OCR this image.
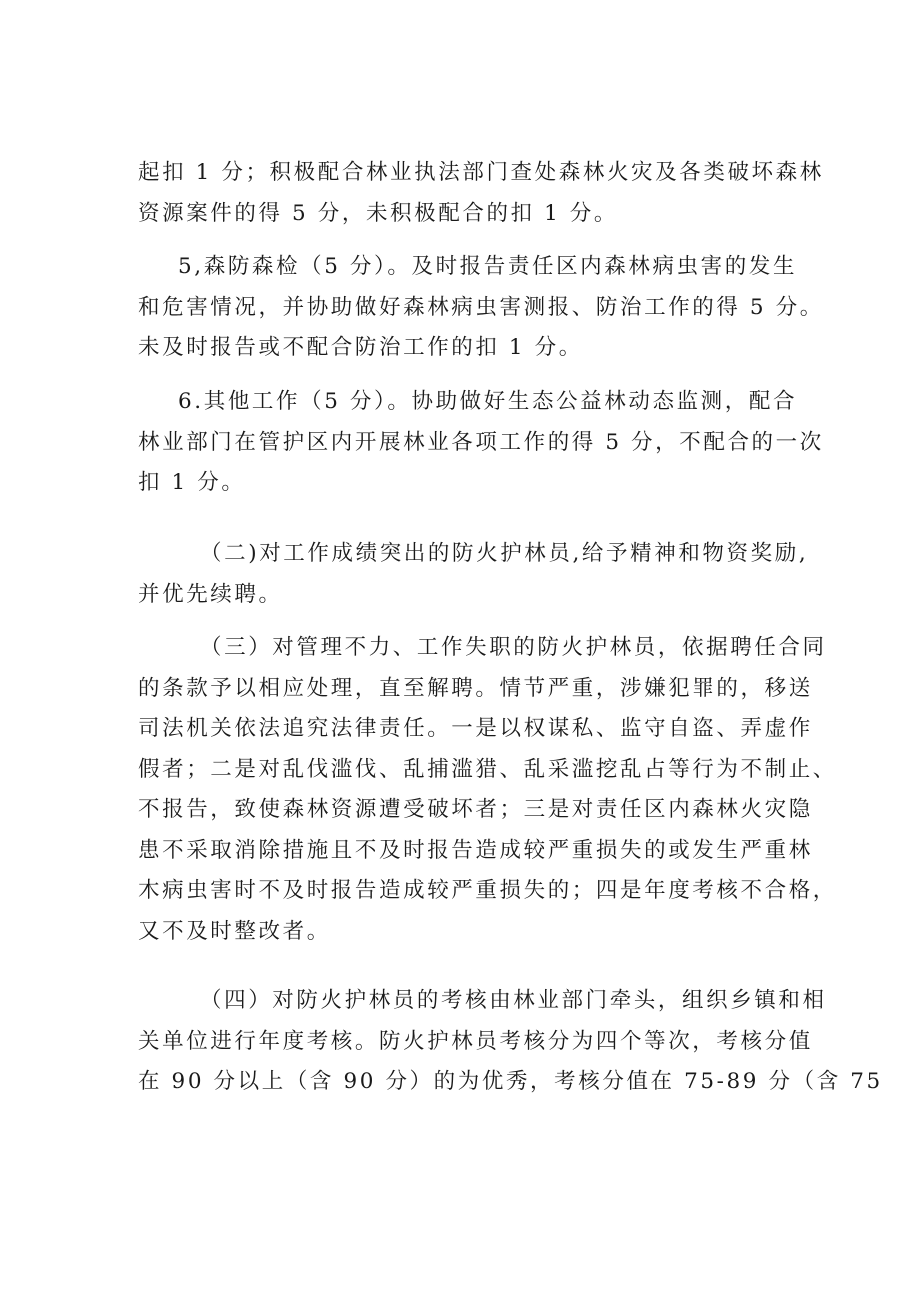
起扣 1 分；积极配合林业执法部门查处森林火灾及各类破坏森林
资源案件的得 5 分，未积极配合的扣 1 分。
5,森防森检（5 分）。及时报告责任区内森林病虫害的发生
和危害情况，并协助做好森林病虫害测报、防治工作的得 5 分。
未及时报告或不配合防治工作的扣 1 分。
6.其他工作（5 分）。协助做好生态公益林动态监测，配合
林业部门在管护区内开展林业各项工作的得 5 分，不配合的一次
扣 1 分。
（二)对工作成绩突出的防火护林员,给予精神和物资奖励,
并优先续聘。
（三）对管理不力、工作失职的防火护林员，依据聘任合同
的条款予以相应处理，直至解聘。情节严重，涉嫌犯罪的，移送
司法机关依法追究法律责任。一是以权谋私、监守自盗、弄虚作
假者；二是对乱伐滥伐、乱捕滥猎、乱采滥挖乱占等行为不制止、
不报告，致使森林资源遭受破坏者；三是对责任区内森林火灾隐
患不采取消除措施且不及时报告造成较严重损失的或发生严重林
木病虫害时不及时报告造成较严重损失的；四是年度考核不合格，
又不及时整改者。
（四）对防火护林员的考核由林业部门牵头，组织乡镇和相
关单位进行年度考核。防火护林员考核分为四个等次，考核分值
在 90 分以上（含 90 分）的为优秀，考核分值在 75-89 分（含 75
